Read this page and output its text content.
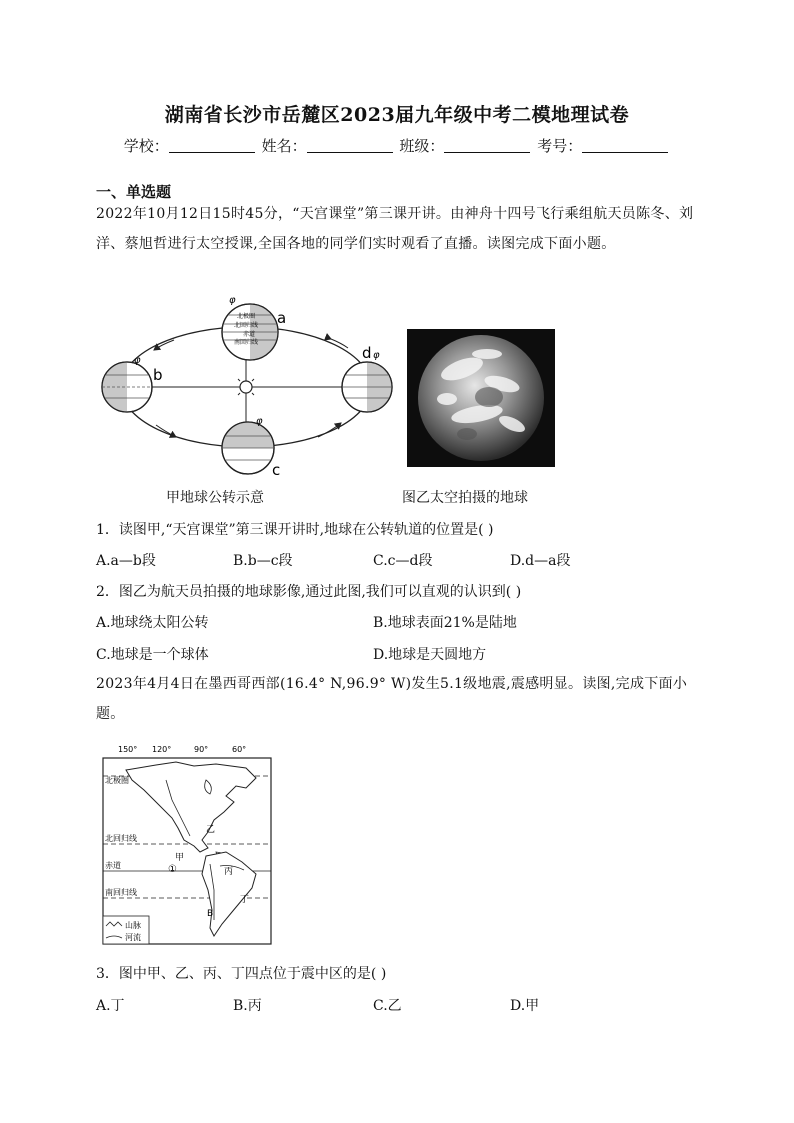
湖南省长沙市岳麓区2023届九年级中考二模地理试卷
学校：	姓名：	班级：	考号：
一、单选题
2022年10月12日15时45分，“天宫课堂”第三课开讲。由神舟十四号飞行乘组航天员陈冬、刘洋、蔡旭哲进行太空授课,全国各地的同学们实时观看了直播。读图完成下面小题。
北极圈
北回归线
赤道
南回归线
φ
a
φ
b
φ
c
d φ
甲地球公转示意	图乙太空拍摄的地球
1．读图甲,“天宫课堂”第三课开讲时,地球在公转轨道的位置是( )
A.a—b段	B.b—c段	C.c—d段	D.d—a段
2．图乙为航天员拍摄的地球影像,通过此图,我们可以直观的认识到( )
A.地球绕太阳公转	B.地球表面21%是陆地
C.地球是一个球体	D.地球是天圆地方
2023年4月4日在墨西哥西部(16.4° N,96.9° W)发生5.1级地震,震感明显。读图,完成下面小题。
150° 120°	90°	60°
北极圈
北回归线
赤道
南回归线
乙
甲
①	丙
丁
B
山脉
河流
3．图中甲、乙、丙、丁四点位于震中区的是( )
A.丁	B.丙	C.乙	D.甲
